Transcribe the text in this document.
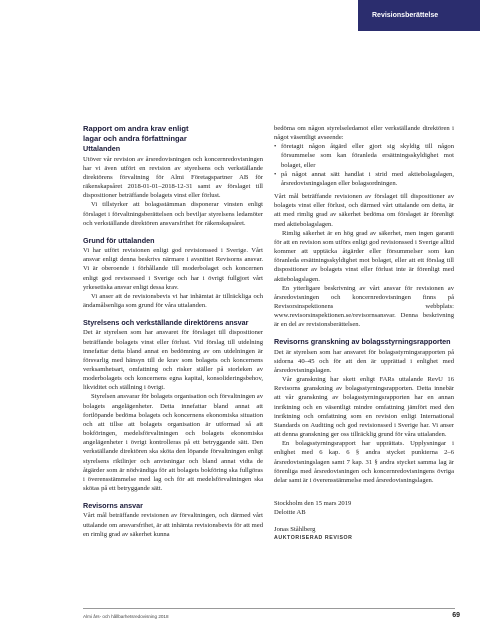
Revisionsberättelse
Rapport om andra krav enligt
lagar och andra författningar
Uttalanden

Utöver vår revision av årsredovisningen och koncernredovisningen har vi även utfört en revision av styrelsens och verkställande direktörens förvaltning för Almi Företagspartner AB för räkenskapsåret 2018-01-01–2018-12-31 samt av förslaget till dispositioner beträffande bolagets vinst eller förlust.

Vi tillstyrker att bolagsstämman disponerar vinsten enligt förslaget i förvaltningsberättelsen och beviljar styrelsens ledamöter och verkställande direktören ansvarsfrihet för räkenskapsåret.

Grund för uttalanden

Vi har utfört revisionen enligt god revisionssed i Sverige. Vårt ansvar enligt denna beskrivs närmare i avsnittet Revisorns ansvar. Vi är oberoende i förhållande till moderbolaget och koncernen enligt god revisorssed i Sverige och har i övrigt fullgjort vårt yrkesetiska ansvar enligt dessa krav.

Vi anser att de revisionsbevis vi har inhämtat är tillräckliga och ändamålsenliga som grund för våra uttalanden.

Styrelsens och verkställande direktörens ansvar

Det är styrelsen som har ansvaret för förslaget till dispositioner beträffande bolagets vinst eller förlust. Vid förslag till utdelning innefattar detta bland annat en bedömning av om utdelningen är försvarlig med hänsyn till de krav som bolagets och koncernens verksamhetsart, omfattning och risker ställer på storleken av moderbolagets och koncernens egna kapital, konsolideringsbehov, likviditet och ställning i övrigt.

Styrelsen ansvarar för bolagets organisation och förvaltningen av bolagets angelägenheter. Detta innefattar bland annat att fortlöpande bedöma bolagets och koncernens ekonomiska situation och att tillse att bolagets organisation är utformad så att bokföringen, medelsförvaltningen och bolagets ekonomiska angelägenheter i övrigt kontrolleras på ett betryggande sätt. Den verkställande direktören ska sköta den löpande förvaltningen enligt styrelsens riktlinjer och anvisningar och bland annat vidta de åtgärder som är nödvändiga för att bolagets bokföring ska fullgöras i överensstämmelse med lag och för att medelsförvaltningen ska skötas på ett betryggande sätt.

Revisorns ansvar

Vårt mål beträffande revisionen av förvaltningen, och därmed vårt uttalande om ansvarsfrihet, är att inhämta revisionsbevis för att med en rimlig grad av säkerhet kunna

bedöma om någon styrelseledamot eller verkställande direktören i något väsentligt avseende:

• företagit någon åtgärd eller gjort sig skyldig till någon försummelse som kan föranleda ersättningsskyldighet mot bolaget, eller
• på något annat sätt handlat i strid med aktiebolagslagen, årsredovisningslagen eller bolagsordningen.

Vårt mål beträffande revisionen av förslaget till dispositioner av bolagets vinst eller förlust, och därmed vårt uttalande om detta, är att med rimlig grad av säkerhet bedöma om förslaget är förenligt med aktiebolagslagen.

Rimlig säkerhet är en hög grad av säkerhet, men ingen garanti för att en revision som utförs enligt god revisionssed i Sverige alltid kommer att upptäcka åtgärder eller försummelser som kan föranleda ersättningsskyldighet mot bolaget, eller att ett förslag till dispositioner av bolagets vinst eller förlust inte är förenligt med aktiebolagslagen.

En ytterligare beskrivning av vårt ansvar för revisionen av årsredovisningen och koncernredovisningen finns på Revisorsinspektionens webbplats: www.revisorsinspektionen.se/revisornsansvar. Denna beskrivning är en del av revisionsberättelsen.

Revisorns granskning av bolagsstyrningsrapporten

Det är styrelsen som har ansvaret för bolagsstyrningsrapporten på sidorna 40–45 och för att den är upprättad i enlighet med årsredovisningslagen.

Vår granskning har skett enligt FARs uttalande RevU 16 Revisorns granskning av bolagsstyrningsrapporten. Detta innebär att vår granskning av bolagsstyrningsrapporten har en annan inriktning och en väsentligt mindre omfattning jämfört med den inriktning och omfattning som en revision enligt International Standards on Auditing och god revisionssed i Sverige har. Vi anser att denna granskning ger oss tillräcklig grund för våra uttalanden.

En bolagsstyrningsrapport har upprättats. Upplysningar i enlighet med 6 kap. 6 § andra stycket punkterna 2–6 årsredovisningslagen samt 7 kap. 31 § andra stycket samma lag är förenliga med årsredovisningen och koncernredovisningens övriga delar samt är i överensstämmelse med årsredovisningslagen.

Stockholm den 15 mars 2019

Deloitte AB

Jonas Ståhlberg

AUKTORISERAD REVISOR
Almi års- och hållbarhetsredovisning 2018	69
